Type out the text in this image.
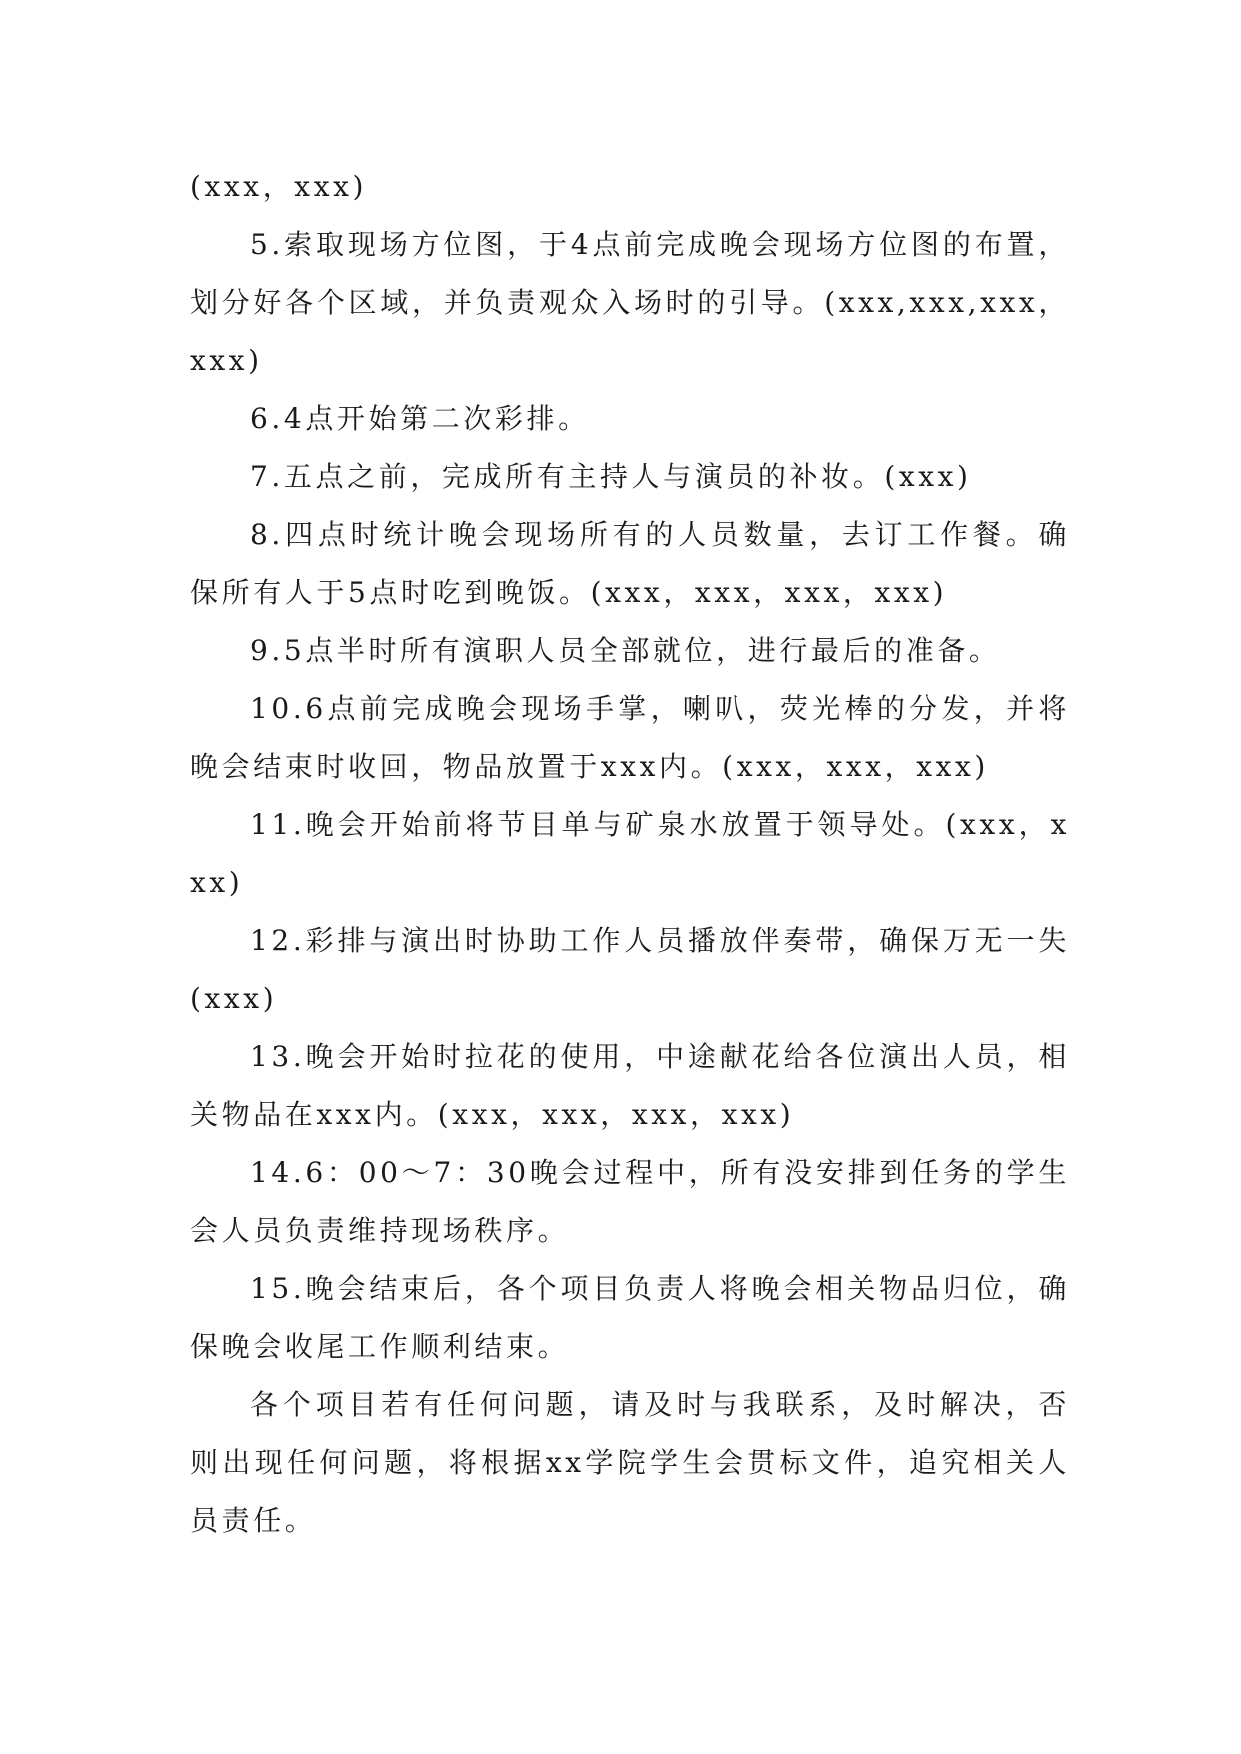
(xxx，xxx)

5.索取现场方位图，于4点前完成晚会现场方位图的布置，划分好各个区域，并负责观众入场时的引导。(xxx,xxx,xxx，xxx)

6.4点开始第二次彩排。

7.五点之前，完成所有主持人与演员的补妆。(xxx)

8.四点时统计晚会现场所有的人员数量，去订工作餐。确保所有人于5点时吃到晚饭。(xxx，xxx，xxx，xxx)

9.5点半时所有演职人员全部就位，进行最后的准备。

10.6点前完成晚会现场手掌，喇叭，荧光棒的分发，并将晚会结束时收回，物品放置于xxx内。(xxx，xxx，xxx)

11.晚会开始前将节目单与矿泉水放置于领导处。(xxx，xxx)

12.彩排与演出时协助工作人员播放伴奏带，确保万无一失(xxx)

13.晚会开始时拉花的使用，中途献花给各位演出人员，相关物品在xxx内。(xxx，xxx，xxx，xxx)

14.6：00～7：30晚会过程中，所有没安排到任务的学生会人员负责维持现场秩序。

15.晚会结束后，各个项目负责人将晚会相关物品归位，确保晚会收尾工作顺利结束。

各个项目若有任何问题，请及时与我联系，及时解决，否则出现任何问题，将根据xx学院学生会贯标文件，追究相关人员责任。
